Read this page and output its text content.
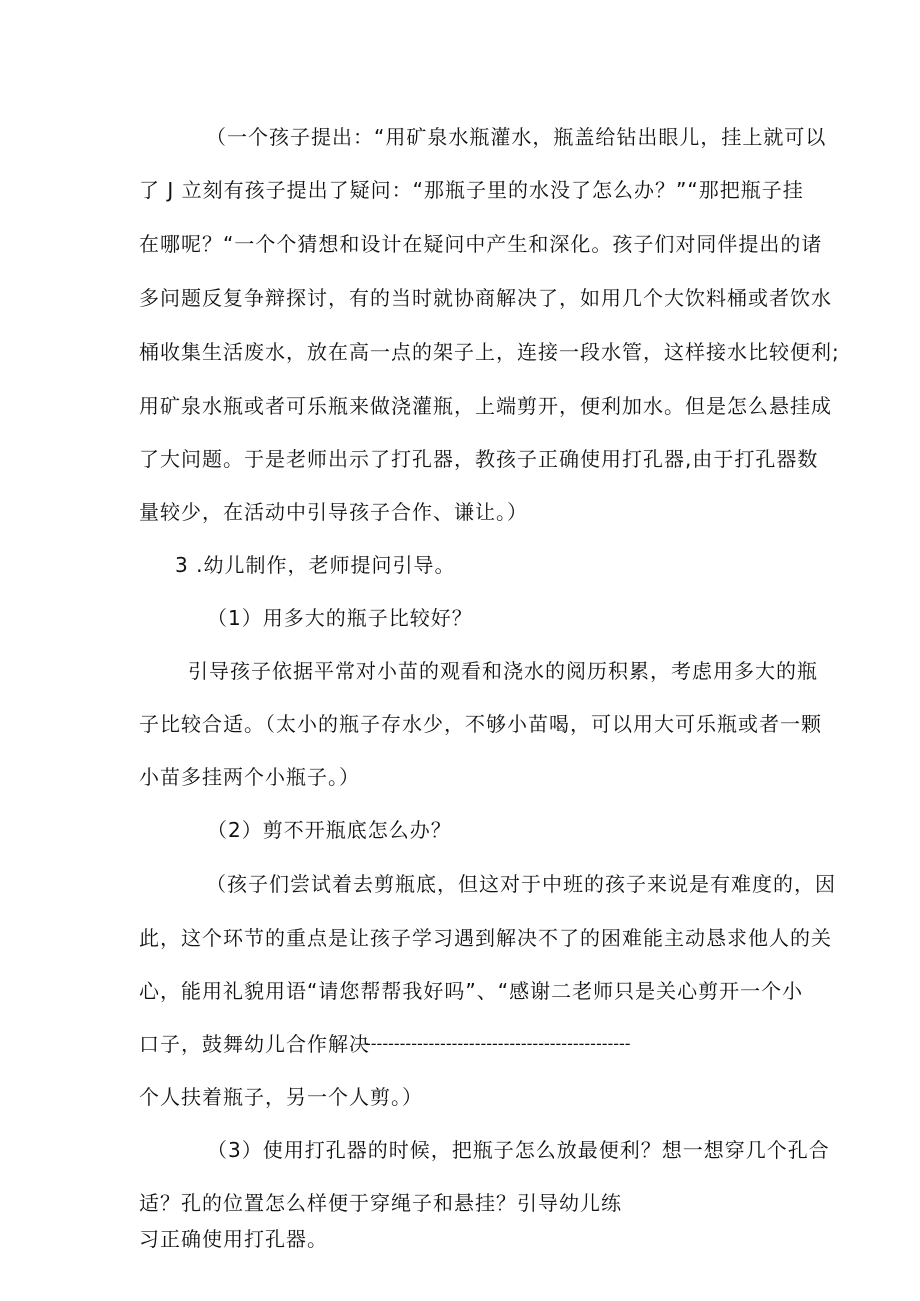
（一个孩子提出：“用矿泉水瓶灌水，瓶盖给钻出眼儿，挂上就可以
了 J 立刻有孩子提出了疑问：“那瓶子里的水没了怎么办？”“那把瓶子挂
在哪呢？“一个个猜想和设计在疑问中产生和深化。孩子们对同伴提出的诸
多问题反复争辩探讨，有的当时就协商解决了，如用几个大饮料桶或者饮水
桶收集生活废水，放在高一点的架子上，连接一段水管，这样接水比较便利;
用矿泉水瓶或者可乐瓶来做浇灌瓶，上端剪开，便利加水。但是怎么悬挂成
了大问题。于是老师出示了打孔器，教孩子正确使用打孔器,由于打孔器数
量较少，在活动中引导孩子合作、谦让。）
3 .幼儿制作，老师提问引导。
（1）用多大的瓶子比较好？
引导孩子依据平常对小苗的观看和浇水的阅历积累，考虑用多大的瓶
子比较合适。（太小的瓶子存水少，不够小苗喝，可以用大可乐瓶或者一颗
小苗多挂两个小瓶子。）
（2）剪不开瓶底怎么办？
（孩子们尝试着去剪瓶底，但这对于中班的孩子来说是有难度的，因
此，这个环节的重点是让孩子学习遇到解决不了的困难能主动恳求他人的关
心，能用礼貌用语“请您帮帮我好吗”、“感谢二老师只是关心剪开一个小
口子，鼓舞幼儿合作解决
----------------------------------------------
个人扶着瓶子，另一个人剪。）
（3）使用打孔器的时候，把瓶子怎么放最便利？想一想穿几个孔合
适？孔的位置怎么样便于穿绳子和悬挂？引导幼儿练
习正确使用打孔器。
